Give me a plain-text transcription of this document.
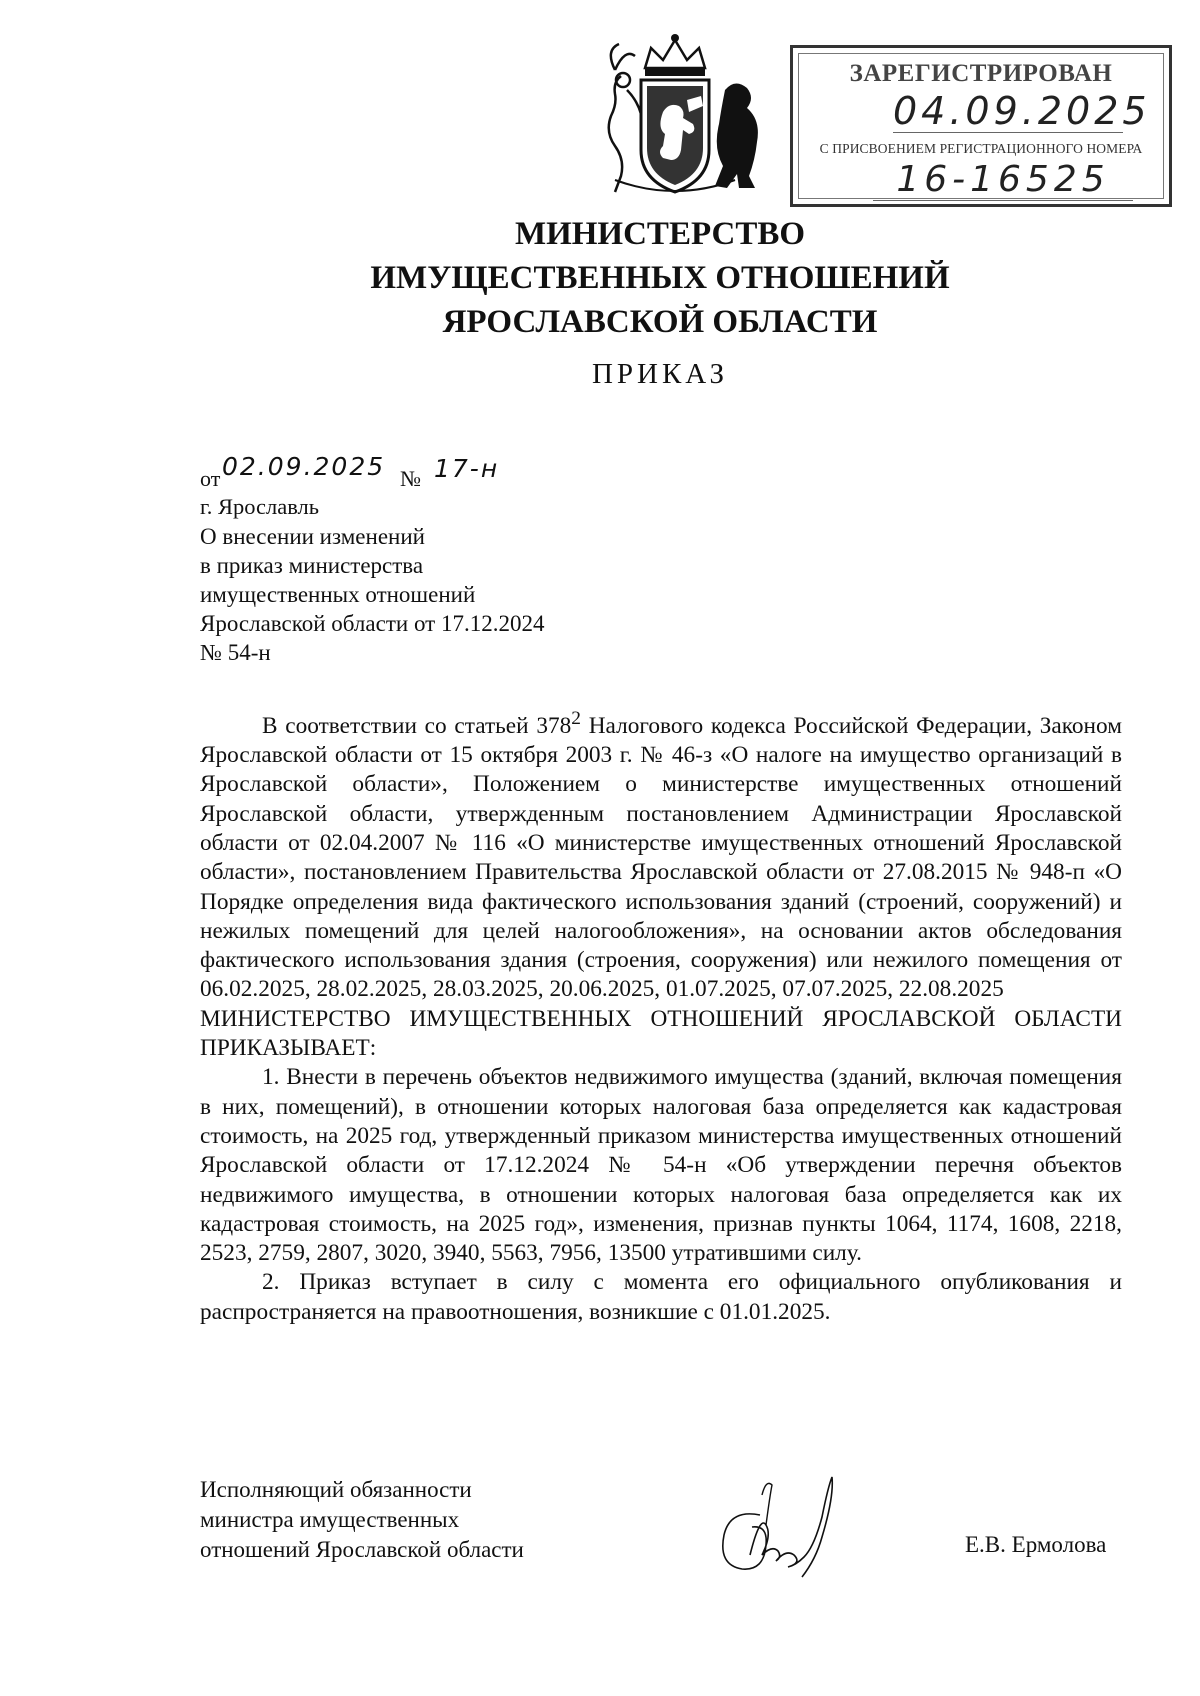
ЗАРЕГИСТРИРОВАН
04.09.2025
С ПРИСВОЕНИЕМ РЕГИСТРАЦИОННОГО НОМЕРА
16-16525
МИНИСТЕРСТВО
ИМУЩЕСТВЕННЫХ ОТНОШЕНИЙ
ЯРОСЛАВСКОЙ ОБЛАСТИ
ПРИКАЗ
от 02.09.2025 № 17-н
г. Ярославль
О внесении изменений
в приказ министерства
имущественных отношений
Ярославской области от 17.12.2024
№ 54-н

В соответствии со статьей $378^2$ Налогового кодекса Российской Федерации, Законом Ярославской области от 15 октября 2003 г. № 46-з «О налоге на имущество организаций в Ярославской области», Положением о министерстве имущественных отношений Ярославской области, утвержденным постановлением Администрации Ярославской области от 02.04.2007 № 116 «О министерстве имущественных отношений Ярославской области», постановлением Правительства Ярославской области от 27.08.2015 № 948-п «О Порядке определения вида фактического использования зданий (строений, сооружений) и нежилых помещений для целей налогообложения», на основании актов обследования фактического использования здания (строения, сооружения) или нежилого помещения от 06.02.2025, 28.02.2025, 28.03.2025, 20.06.2025, 01.07.2025, 07.07.2025, 22.08.2025

МИНИСТЕРСТВО ИМУЩЕСТВЕННЫХ ОТНОШЕНИЙ ЯРОСЛАВСКОЙ ОБЛАСТИ ПРИКАЗЫВАЕТ:

1. Внести в перечень объектов недвижимого имущества (зданий, включая помещения в них, помещений), в отношении которых налоговая база определяется как кадастровая стоимость, на 2025 год, утвержденный приказом министерства имущественных отношений Ярославской области от 17.12.2024 № 54-н «Об утверждении перечня объектов недвижимого имущества, в отношении которых налоговая база определяется как их кадастровая стоимость, на 2025 год», изменения, признав пункты 1064, 1174, 1608, 2218, 2523, 2759, 2807, 3020, 3940, 5563, 7956, 13500 утратившими силу.

2. Приказ вступает в силу с момента его официального опубликования и распространяется на правоотношения, возникшие с 01.01.2025.

Исполняющий обязанности
министра имущественных
отношений Ярославской области	Е.В. Ермолова
